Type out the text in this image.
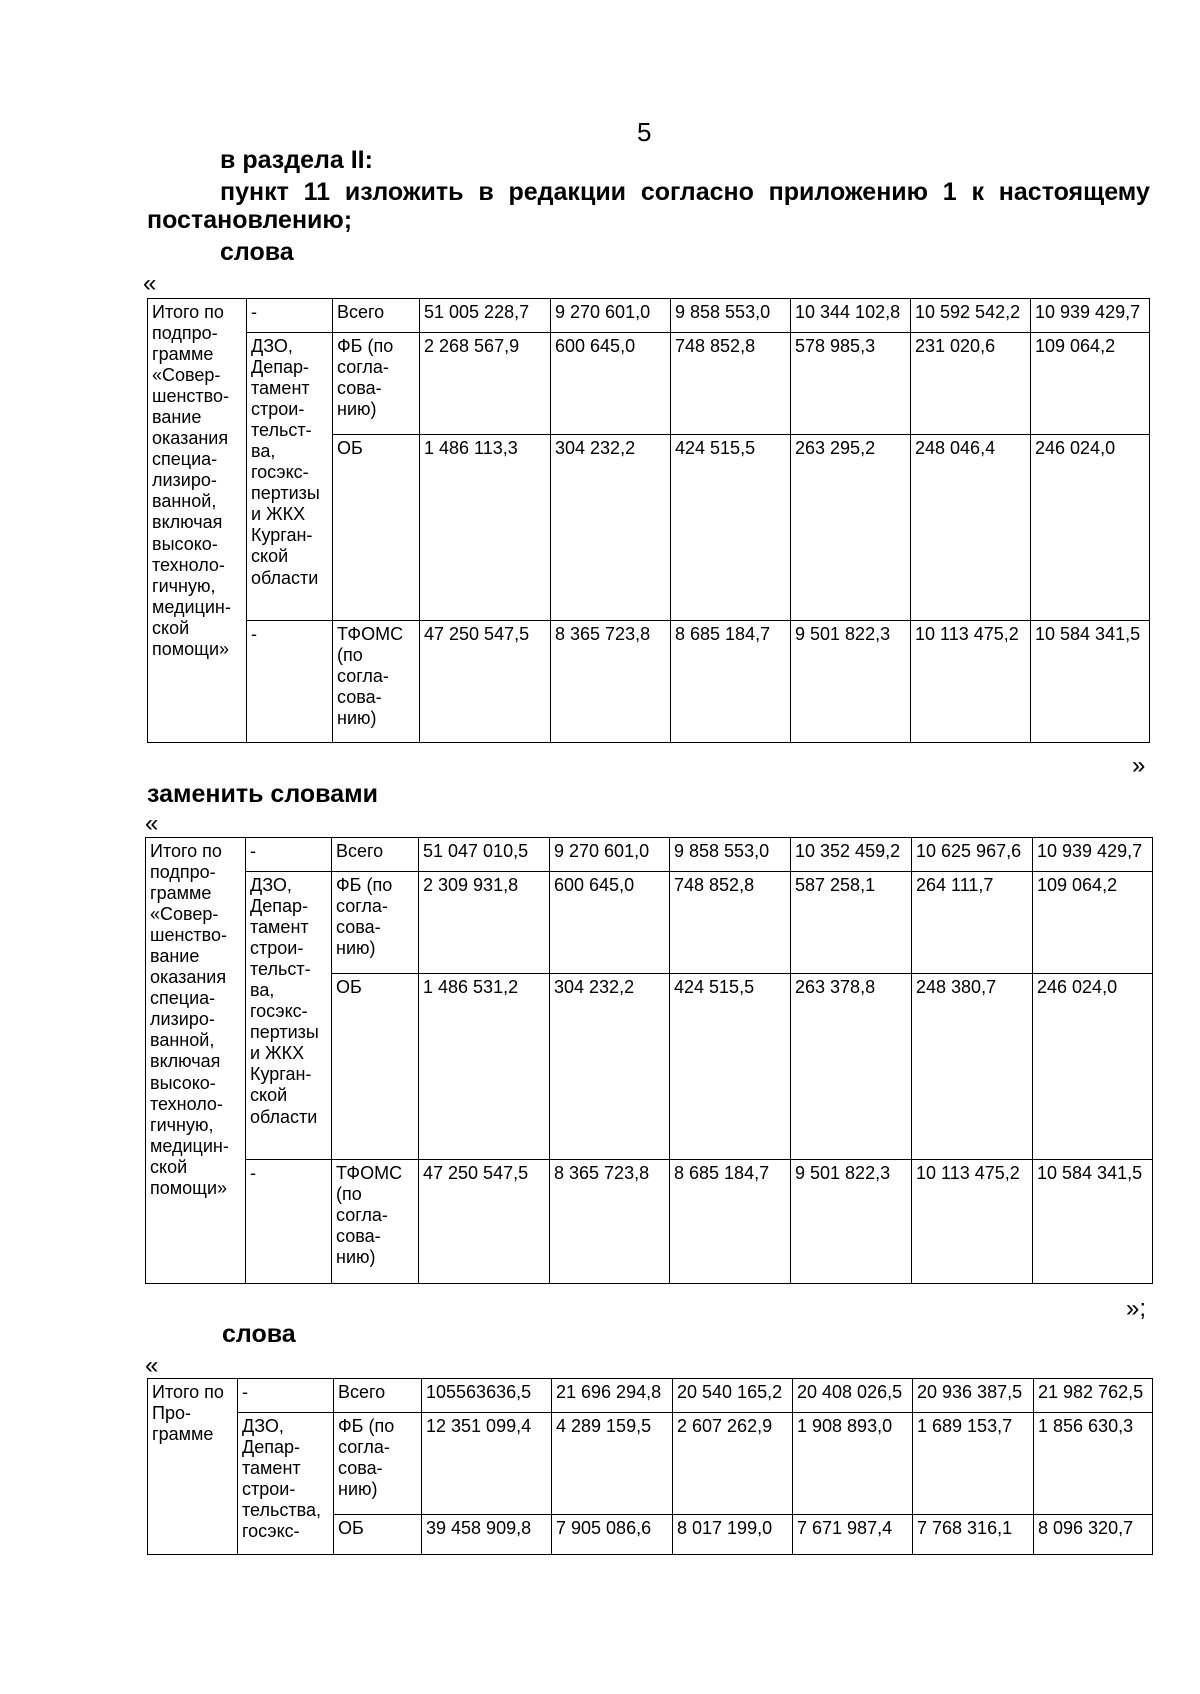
5
в раздела II:
пункт 11 изложить в редакции согласно приложению 1 к настоящему
постановлению;
слова
«
Итого по подпро-грамме «Совер-шенство-вание оказания специа-лизиро-ванной, включая высоко-техноло-гичную, медицин-ской помощи»	-	Всего	51 005 228,7	9 270 601,0	9 858 553,0	10 344 102,8	10 592 542,2	10 939 429,7
	ДЗО, Депар-тамент строи-тельст-ва, госэкс-пертизы и ЖКХ Курган-ской области	ФБ (по согла-сова-нию)	2 268 567,9	600 645,0	748 852,8	578 985,3	231 020,6	109 064,2
		ОБ	1 486 113,3	304 232,2	424 515,5	263 295,2	248 046,4	246 024,0
	-	ТФОМС (по согла-сова-нию)	47 250 547,5	8 365 723,8	8 685 184,7	9 501 822,3	10 113 475,2	10 584 341,5
»
заменить словами
«
Итого по подпро-грамме «Совер-шенство-вание оказания специа-лизиро-ванной, включая высоко-техноло-гичную, медицин-ской помощи»	-	Всего	51 047 010,5	9 270 601,0	9 858 553,0	10 352 459,2	10 625 967,6	10 939 429,7
	ДЗО, Депар-тамент строи-тельст-ва, госэкс-пертизы и ЖКХ Курган-ской области	ФБ (по согла-сова-нию)	2 309 931,8	600 645,0	748 852,8	587 258,1	264 111,7	109 064,2
		ОБ	1 486 531,2	304 232,2	424 515,5	263 378,8	248 380,7	246 024,0
	-	ТФОМС (по согла-сова-нию)	47 250 547,5	8 365 723,8	8 685 184,7	9 501 822,3	10 113 475,2	10 584 341,5
»;
слова
«
Итого по Про-грамме	-	Всего	105563636,5	21 696 294,8	20 540 165,2	20 408 026,5	20 936 387,5	21 982 762,5
	ДЗО, Депар-тамент строи-тельства, госэкс-	ФБ (по согла-сова-нию)	12 351 099,4	4 289 159,5	2 607 262,9	1 908 893,0	1 689 153,7	1 856 630,3
		ОБ	39 458 909,8	7 905 086,6	8 017 199,0	7 671 987,4	7 768 316,1	8 096 320,7
